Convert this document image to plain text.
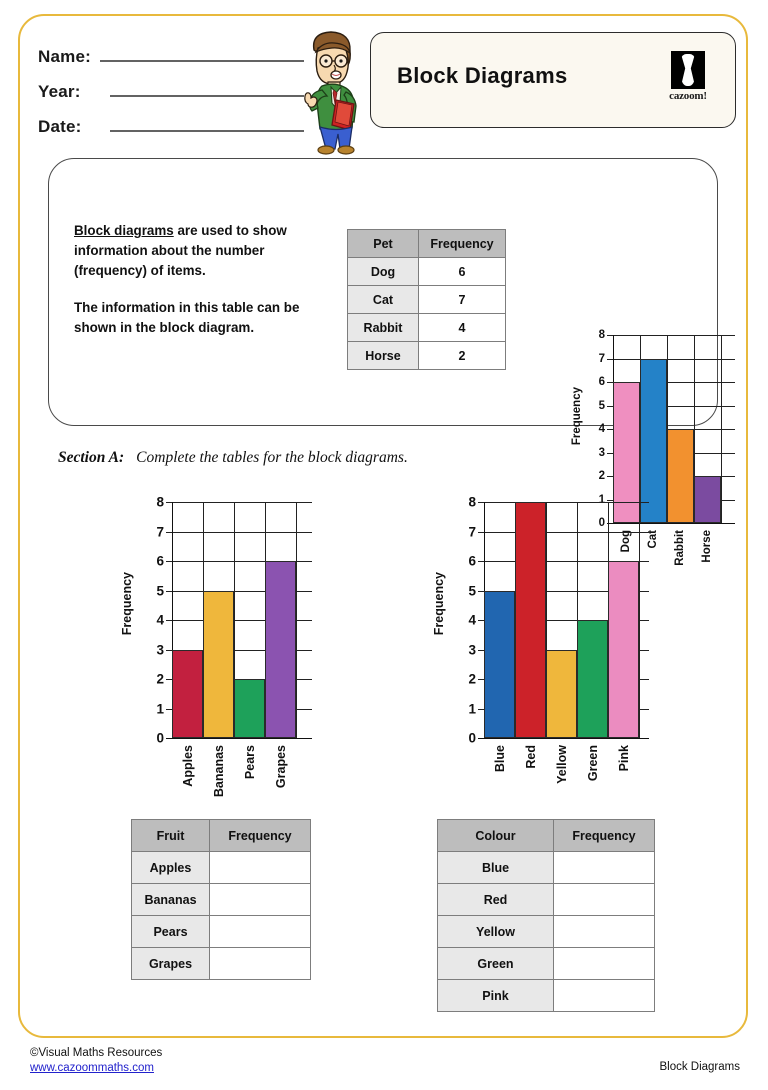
Name:
Year:
Date:
Block Diagrams
cazoom!

Block diagrams are used to show information about the number (frequency) of items.

The information in this table can be shown in the block diagram.

Pet	Frequency
Dog	6
Cat	7
Rabbit	4
Horse	2
Frequency
0
1
2
3
4
5
6
7
8
Dog Cat Rabbit Horse
Section A: Complete the tables for the block diagrams.
Frequency
0
1
2
3
4
5
6
7
8
Apples Bananas Pears Grapes
Frequency
0
1
2
3
4
5
6
7
8
Blue Red Yellow Green Pink
Fruit	Frequency
Apples	
Bananas	
Pears	
Grapes	
Colour	Frequency
Blue	
Red	
Yellow	
Green	
Pink	
©Visual Maths Resources
www.cazoommaths.com	Block Diagrams
